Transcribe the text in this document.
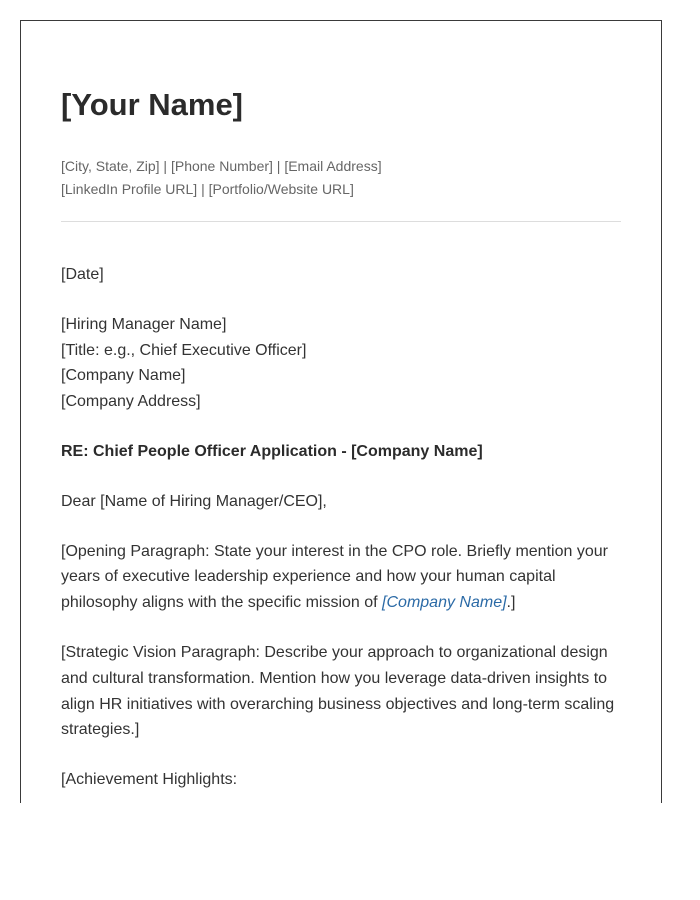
[Your Name]
[City, State, Zip] | [Phone Number] | [Email Address]
[LinkedIn Profile URL] | [Portfolio/Website URL]

[Date]

[Hiring Manager Name]
[Title: e.g., Chief Executive Officer]
[Company Name]
[Company Address]

RE: Chief People Officer Application - [Company Name]

Dear [Name of Hiring Manager/CEO],

[Opening Paragraph: State your interest in the CPO role. Briefly mention your years of executive leadership experience and how your human capital philosophy aligns with the specific mission of [Company Name].]

[Strategic Vision Paragraph: Describe your approach to organizational design and cultural transformation. Mention how you leverage data-driven insights to align HR initiatives with overarching business objectives and long-term scaling strategies.]

[Achievement Highlights:
